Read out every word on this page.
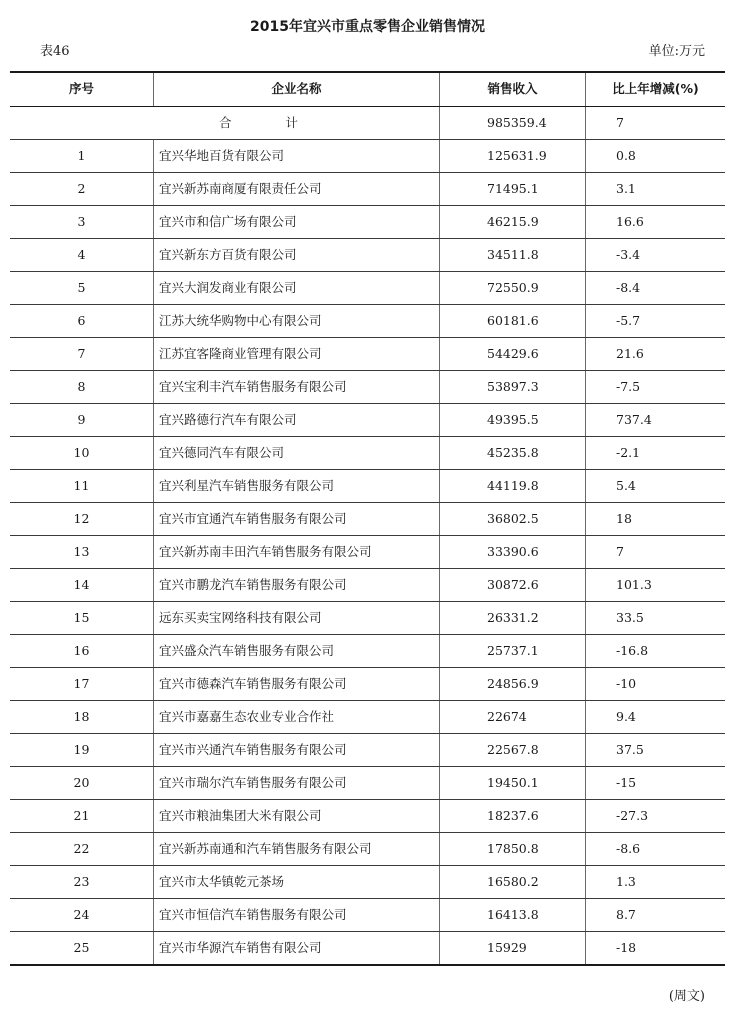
2015年宜兴市重点零售企业销售情况
表46	单位:万元
序号	企业名称	销售收入	比上年增减(%)
合 计		985359.4	7
1	宜兴华地百货有限公司	125631.9	0.8
2	宜兴新苏南商厦有限责任公司	71495.1	3.1
3	宜兴市和信广场有限公司	46215.9	16.6
4	宜兴新东方百货有限公司	34511.8	-3.4
5	宜兴大润发商业有限公司	72550.9	-8.4
6	江苏大统华购物中心有限公司	60181.6	-5.7
7	江苏宜客隆商业管理有限公司	54429.6	21.6
8	宜兴宝利丰汽车销售服务有限公司	53897.3	-7.5
9	宜兴路德行汽车有限公司	49395.5	737.4
10	宜兴德同汽车有限公司	45235.8	-2.1
11	宜兴利星汽车销售服务有限公司	44119.8	5.4
12	宜兴市宜通汽车销售服务有限公司	36802.5	18
13	宜兴新苏南丰田汽车销售服务有限公司	33390.6	7
14	宜兴市鹏龙汽车销售服务有限公司	30872.6	101.3
15	远东买卖宝网络科技有限公司	26331.2	33.5
16	宜兴盛众汽车销售服务有限公司	25737.1	-16.8
17	宜兴市德森汽车销售服务有限公司	24856.9	-10
18	宜兴市嘉嘉生态农业专业合作社	22674	9.4
19	宜兴市兴通汽车销售服务有限公司	22567.8	37.5
20	宜兴市瑞尔汽车销售服务有限公司	19450.1	-15
21	宜兴市粮油集团大米有限公司	18237.6	-27.3
22	宜兴新苏南通和汽车销售服务有限公司	17850.8	-8.6
23	宜兴市太华镇乾元茶场	16580.2	1.3
24	宜兴市恒信汽车销售服务有限公司	16413.8	8.7
25	宜兴市华源汽车销售有限公司	15929	-18
(周文)
